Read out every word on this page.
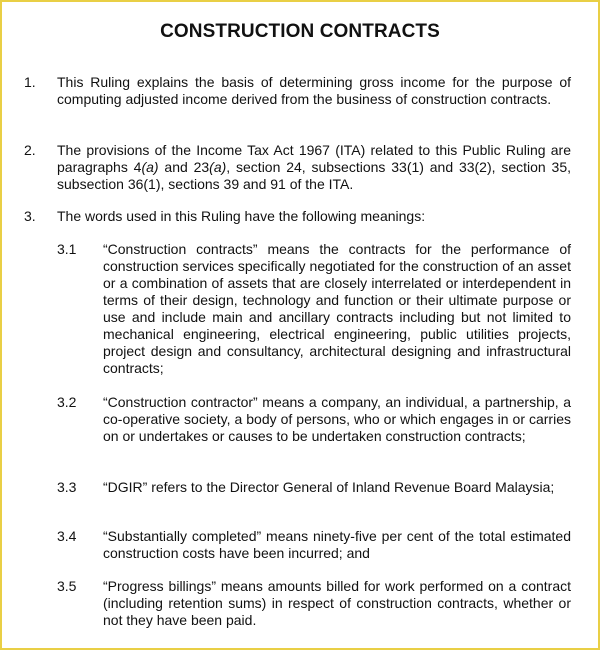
CONSTRUCTION CONTRACTS
1. This Ruling explains the basis of determining gross income for the purpose of computing adjusted income derived from the business of construction contracts.
2. The provisions of the Income Tax Act 1967 (ITA) related to this Public Ruling are paragraphs 4(a) and 23(a), section 24, subsections 33(1) and 33(2), section 35, subsection 36(1), sections 39 and 91 of the ITA.
3. The words used in this Ruling have the following meanings:
3.1 “Construction contracts” means the contracts for the performance of construction services specifically negotiated for the construction of an asset or a combination of assets that are closely interrelated or interdependent in terms of their design, technology and function or their ultimate purpose or use and include main and ancillary contracts including but not limited to mechanical engineering, electrical engineering, public utilities projects, project design and consultancy, architectural designing and infrastructural contracts;
3.2 “Construction contractor” means a company, an individual, a partnership, a co-operative society, a body of persons, who or which engages in or carries on or undertakes or causes to be undertaken construction contracts;
3.3 “DGIR” refers to the Director General of Inland Revenue Board Malaysia;
3.4 “Substantially completed” means ninety-five per cent of the total estimated construction costs have been incurred; and
3.5 “Progress billings” means amounts billed for work performed on a contract (including retention sums) in respect of construction contracts, whether or not they have been paid.
